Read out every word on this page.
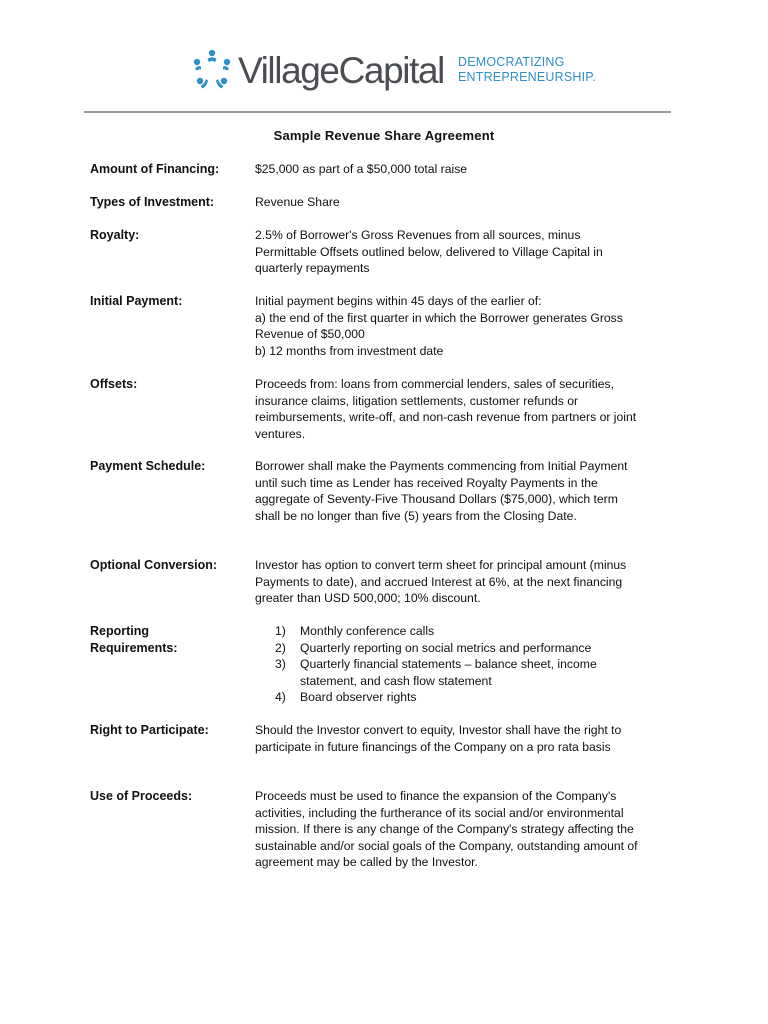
VillageCapital DEMOCRATIZING
ENTREPRENEURSHIP.
Sample Revenue Share Agreement
Amount of Financing:	$25,000 as part of a $50,000 total raise
Types of Investment:	Revenue Share
Royalty:	2.5% of Borrower's Gross Revenues from all sources, minus Permittable Offsets outlined below, delivered to Village Capital in quarterly repayments
Initial Payment:	Initial payment begins within 45 days of the earlier of:

a) the end of the first quarter in which the Borrower generates Gross Revenue of $50,000

b) 12 months from investment date

Offsets:	Proceeds from: loans from commercial lenders, sales of securities, insurance claims, litigation settlements, customer refunds or reimbursements, write-off, and non-cash revenue from partners or joint ventures.
Payment Schedule:	Borrower shall make the Payments commencing from Initial Payment until such time as Lender has received Royalty Payments in the aggregate of Seventy-Five Thousand Dollars ($75,000), which term shall be no longer than five (5) years from the Closing Date.
Optional Conversion:	Investor has option to convert term sheet for principal amount (minus Payments to date), and accrued Interest at 6%, at the next financing greater than USD 500,000; 10% discount.
Reporting
Requirements:
1) Monthly conference calls
2) Quarterly reporting on social metrics and performance
3) Quarterly financial statements – balance sheet, income statement, and cash flow statement
4) Board observer rights
Right to Participate:	Should the Investor convert to equity, Investor shall have the right to participate in future financings of the Company on a pro rata basis
Use of Proceeds:	Proceeds must be used to finance the expansion of the Company's activities, including the furtherance of its social and/or environmental mission. If there is any change of the Company's strategy affecting the sustainable and/or social goals of the Company, outstanding amount of agreement may be called by the Investor.
